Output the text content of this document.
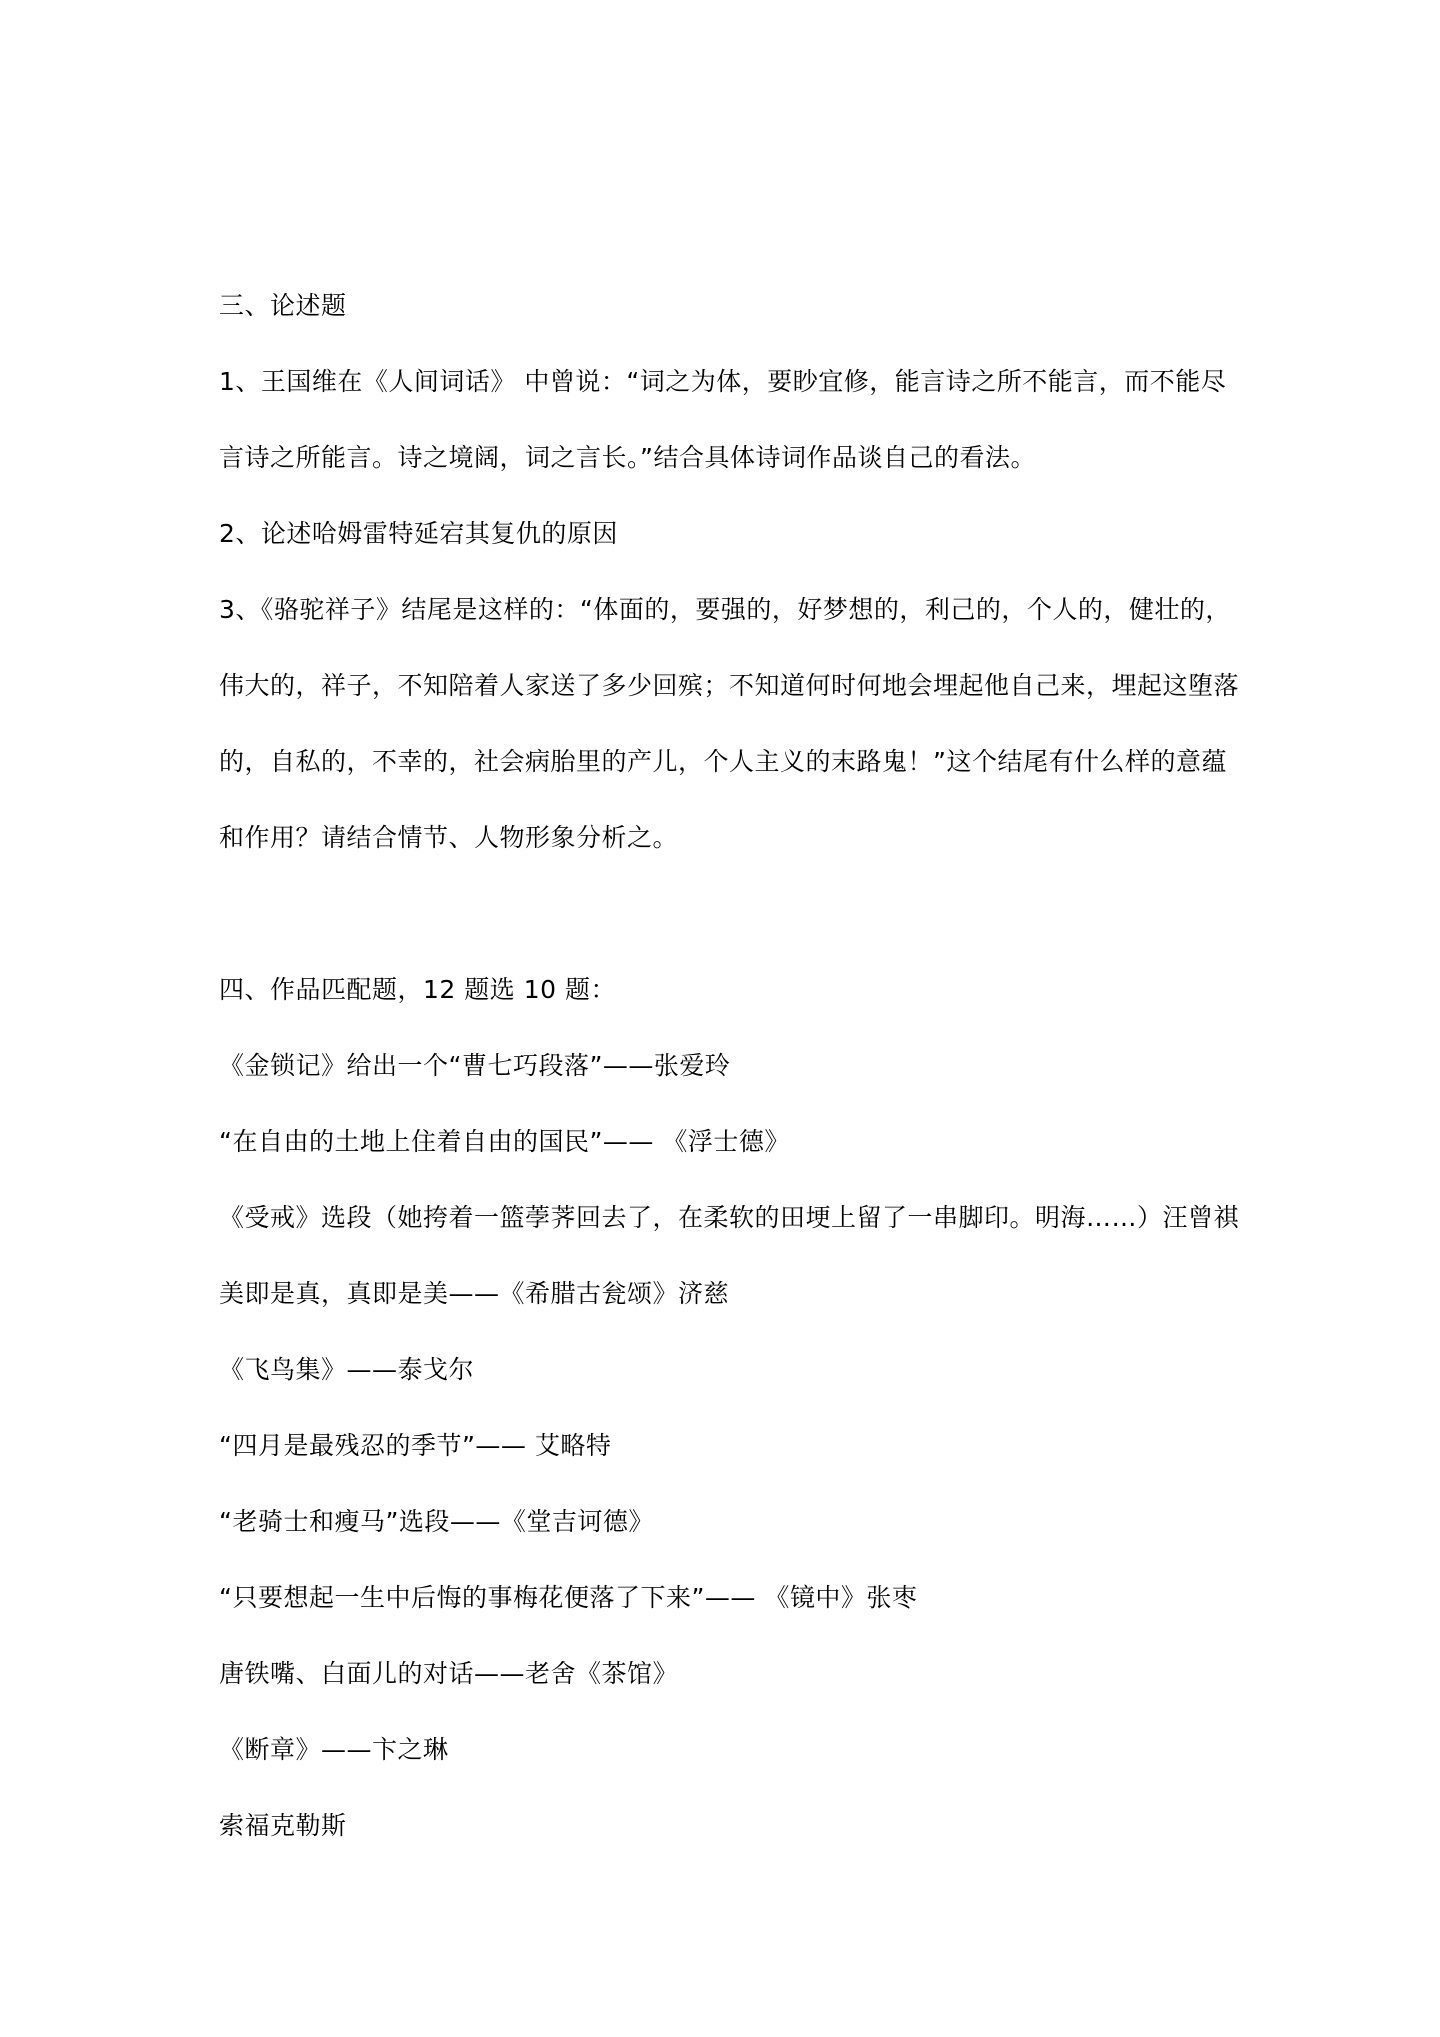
三、论述题
1、王国维在《人间词话》 中曾说：“词之为体，要眇宜修，能言诗之所不能言，而不能尽
言诗之所能言。诗之境阔，词之言长。”结合具体诗词作品谈自己的看法。
2、论述哈姆雷特延宕其复仇的原因
3、《骆驼祥子》结尾是这样的：“体面的，要强的，好梦想的，利己的，个人的，健壮的，
伟大的，祥子，不知陪着人家送了多少回殡；不知道何时何地会埋起他自己来，埋起这堕落
的，自私的，不幸的，社会病胎里的产儿，个人主义的末路鬼！”这个结尾有什么样的意蕴
和作用？请结合情节、人物形象分析之。
四、作品匹配题，12 题选 10 题：
《金锁记》给出一个“曹七巧段落”——张爱玲
“在自由的土地上住着自由的国民”—— 《浮士德》
《受戒》选段（她挎着一篮荸荠回去了，在柔软的田埂上留了一串脚印。明海……）汪曾祺
美即是真，真即是美——《希腊古瓮颂》济慈
《飞鸟集》——泰戈尔
“四月是最残忍的季节”—— 艾略特
“老骑士和瘦马”选段——《堂吉诃德》
“只要想起一生中后悔的事梅花便落了下来”—— 《镜中》张枣
唐铁嘴、白面儿的对话——老舍《茶馆》
《断章》——卞之琳
索福克勒斯
